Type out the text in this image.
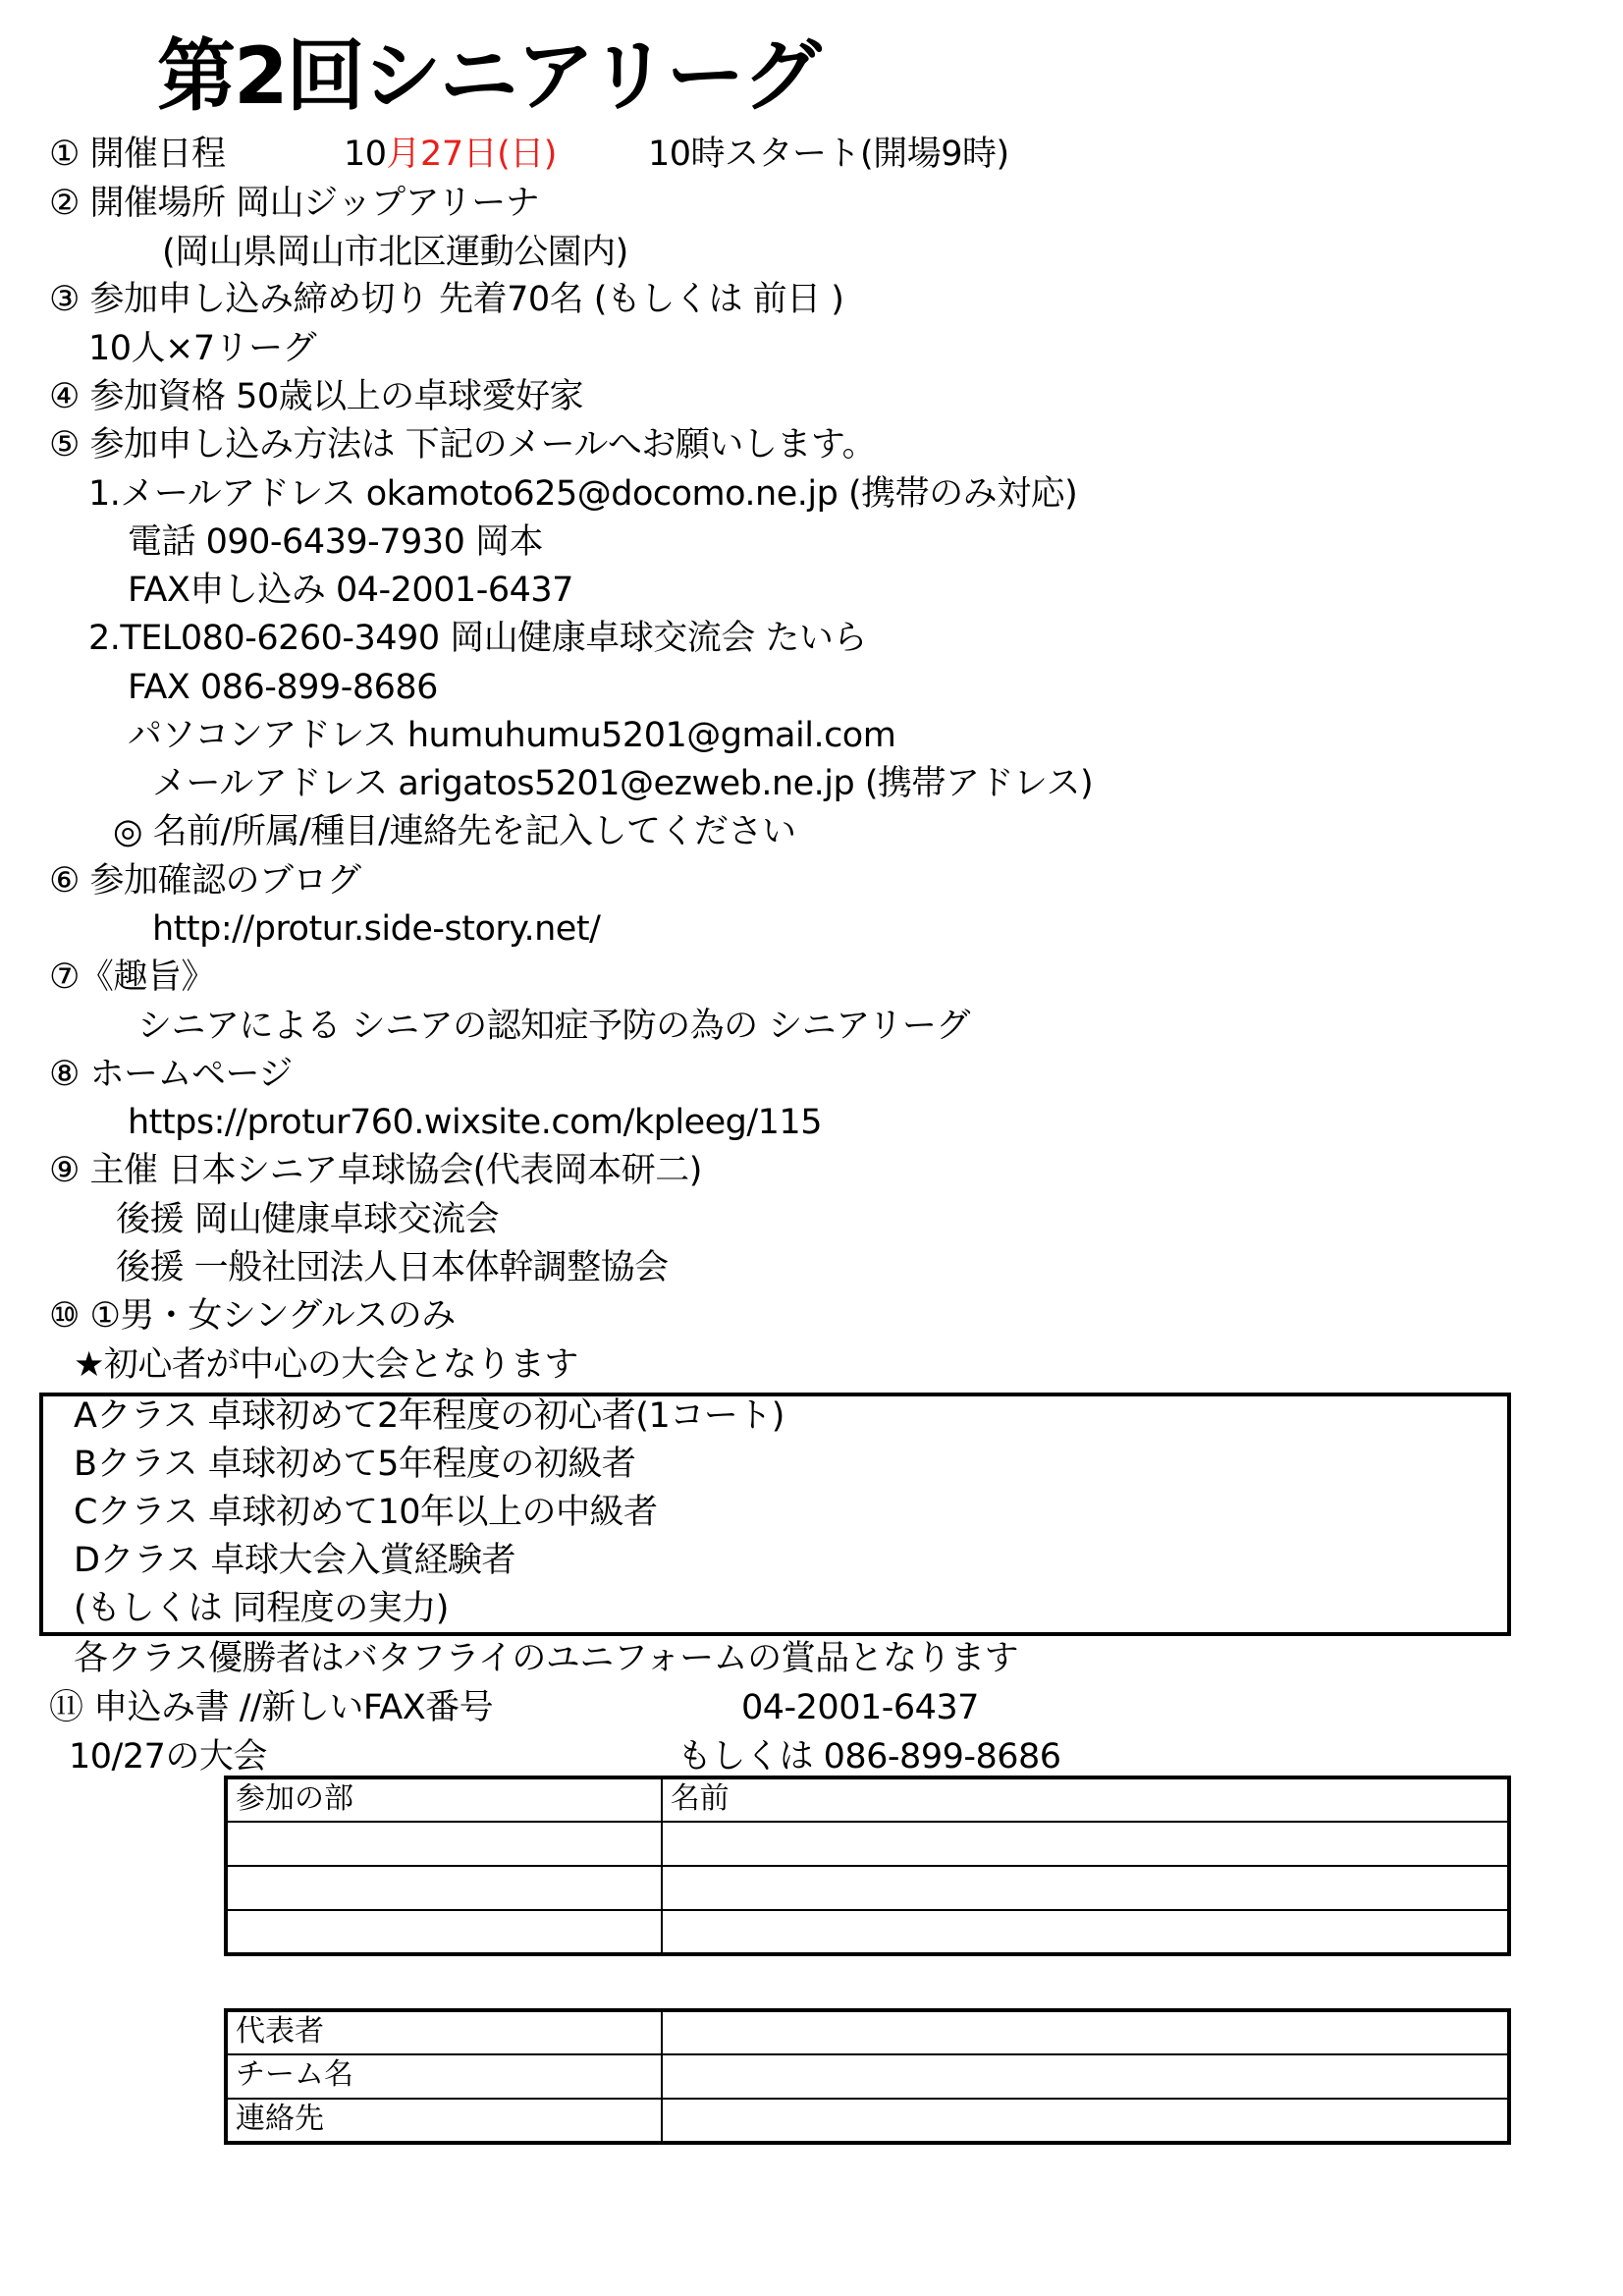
第2回シニアリーグ
① 開催日程	10月27日(日)	10時スタート(開場9時)
② 開催場所 岡山ジップアリーナ
(岡山県岡山市北区運動公園内)
③ 参加申し込み締め切り 先着70名 (もしくは 前日 )
10人×7リーグ
④ 参加資格 50歳以上の卓球愛好家
⑤ 参加申し込み方法は 下記のメールへお願いします。
1.メールアドレス okamoto625@docomo.ne.jp (携帯のみ対応)
電話 090-6439-7930 岡本
FAX申し込み 04-2001-6437
2.TEL080-6260-3490 岡山健康卓球交流会 たいら
FAX 086-899-8686
パソコンアドレス humuhumu5201@gmail.com
メールアドレス arigatos5201@ezweb.ne.jp (携帯アドレス)
◎ 名前/所属/種目/連絡先を記入してください
⑥ 参加確認のブログ
http://protur.side-story.net/
⑦《趣旨》
シニアによる シニアの認知症予防の為の シニアリーグ
⑧ ホームページ
https://protur760.wixsite.com/kpleeg/115
⑨ 主催 日本シニア卓球協会(代表岡本研二)
後援 岡山健康卓球交流会
後援 一般社団法人日本体幹調整協会
⑩ ①男・女シングルスのみ
★初心者が中心の大会となります
Aクラス 卓球初めて2年程度の初心者(1コート)
Bクラス 卓球初めて5年程度の初級者
Cクラス 卓球初めて10年以上の中級者
Dクラス 卓球大会入賞経験者
(もしくは 同程度の実力)
各クラス優勝者はバタフライのユニフォームの賞品となります
⑪ 申込み書 //新しいFAX番号	04-2001-6437
10/27の大会	もしくは 086-899-8686
参加の部	名前

代表者	
チーム名	
連絡先	
